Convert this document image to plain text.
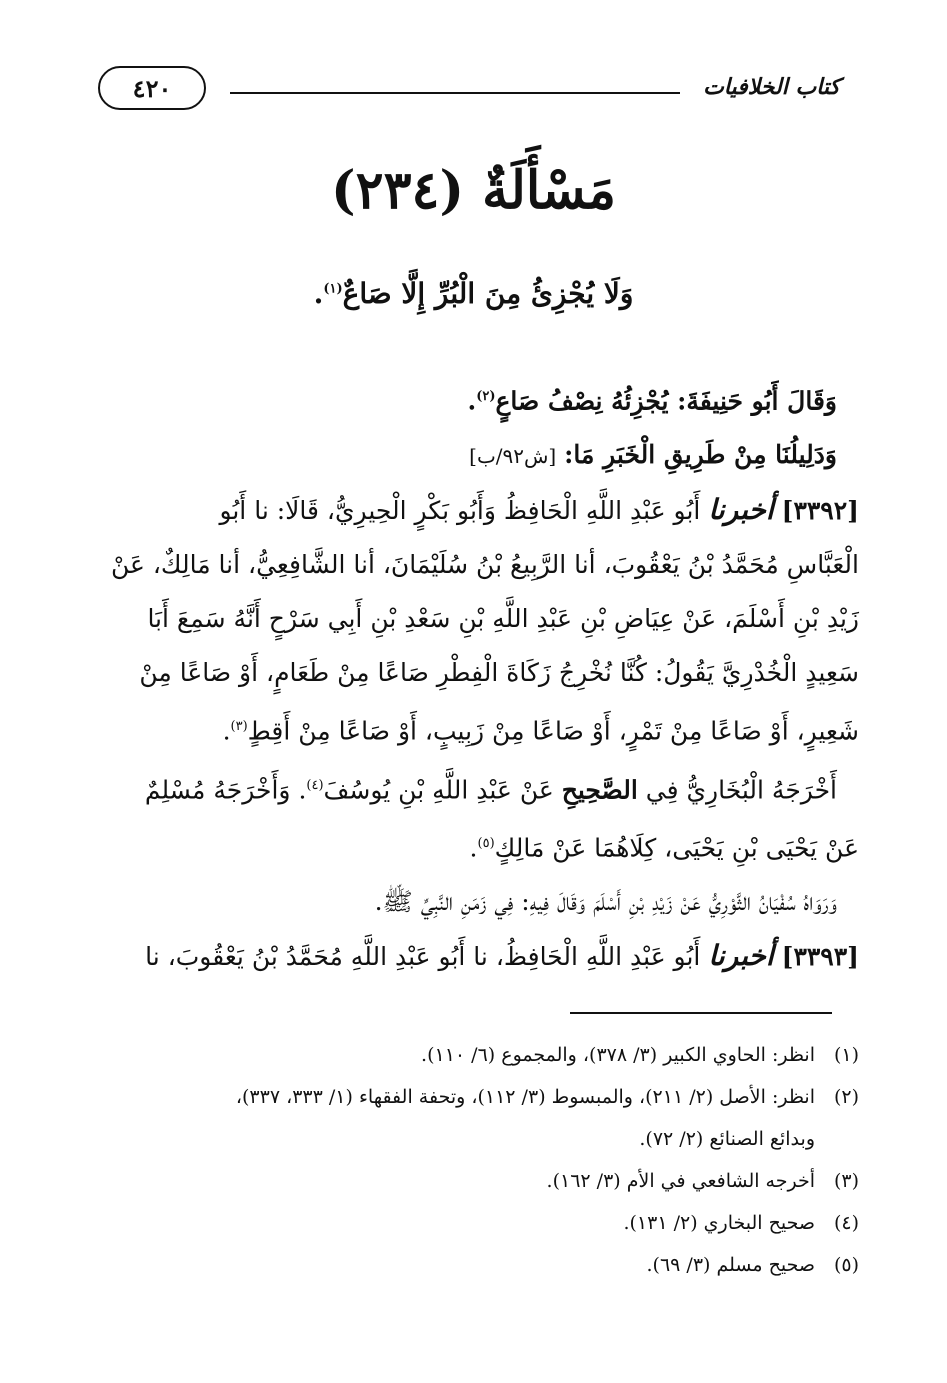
كتاب الخلافيات
٤٢٠
مَسْأَلَةٌ (٢٣٤)
وَلَا يُجْزِئُ مِنَ الْبُرِّ إِلَّا صَاعٌ$^{(١)}$.
وَقَالَ أَبُو حَنِيفَةَ: يُجْزِئُهُ نِصْفُ صَاعٍ$^{(٢)}$.
وَدَلِيلُنَا مِنْ طَرِيقِ الْخَبَرِ مَا: [ش٩٢/ب]
[٣٣٩٢] أخبرنا أَبُو عَبْدِ اللَّهِ الْحَافِظُ وَأَبُو بَكْرٍ الْحِيرِيُّ، قَالَا: نا أَبُو
الْعَبَّاسِ مُحَمَّدُ بْنُ يَعْقُوبَ، أنا الرَّبِيعُ بْنُ سُلَيْمَانَ، أنا الشَّافِعِيُّ، أنا مَالِكٌ، عَنْ
زَيْدِ بْنِ أَسْلَمَ، عَنْ عِيَاضِ بْنِ عَبْدِ اللَّهِ بْنِ سَعْدِ بْنِ أَبِي سَرْحٍ أَنَّهُ سَمِعَ أَبَا
سَعِيدٍ الْخُدْرِيَّ يَقُولُ: كُنَّا نُخْرِجُ زَكَاةَ الْفِطْرِ صَاعًا مِنْ طَعَامٍ، أَوْ صَاعًا مِنْ
شَعِيرٍ، أَوْ صَاعًا مِنْ تَمْرٍ، أَوْ صَاعًا مِنْ زَبِيبٍ، أَوْ صَاعًا مِنْ أَقِطٍ$^{(٣)}$.
أَخْرَجَهُ الْبُخَارِيُّ فِي الصَّحِيحِ عَنْ عَبْدِ اللَّهِ بْنِ يُوسُفَ$^{(٤)}$. وَأَخْرَجَهُ مُسْلِمٌ
عَنْ يَحْيَى بْنِ يَحْيَى، كِلَاهُمَا عَنْ مَالِكٍ$^{(٥)}$.
وَرَوَاهُ سُفْيَانُ الثَّوْرِيُّ عَنْ زَيْدِ بْنِ أَسْلَمَ وَقَالَ فِيهِ: فِي زَمَنِ النَّبِيِّ ﷺ.
[٣٣٩٣] أخبرنا أَبُو عَبْدِ اللَّهِ الْحَافِظُ، نا أَبُو عَبْدِ اللَّهِ مُحَمَّدُ بْنُ يَعْقُوبَ، نا
(١)
انظر: الحاوي الكبير (٣/ ٣٧٨)، والمجموع (٦/ ١١٠).
(٢)
انظر: الأصل (٢/ ٢١١)، والمبسوط (٣/ ١١٢)، وتحفة الفقهاء (١/ ٣٣٣، ٣٣٧)،
وبدائع الصنائع (٢/ ٧٢).
(٣)
أخرجه الشافعي في الأم (٣/ ١٦٢).
(٤)
صحيح البخاري (٢/ ١٣١).
(٥)
صحيح مسلم (٣/ ٦٩).
